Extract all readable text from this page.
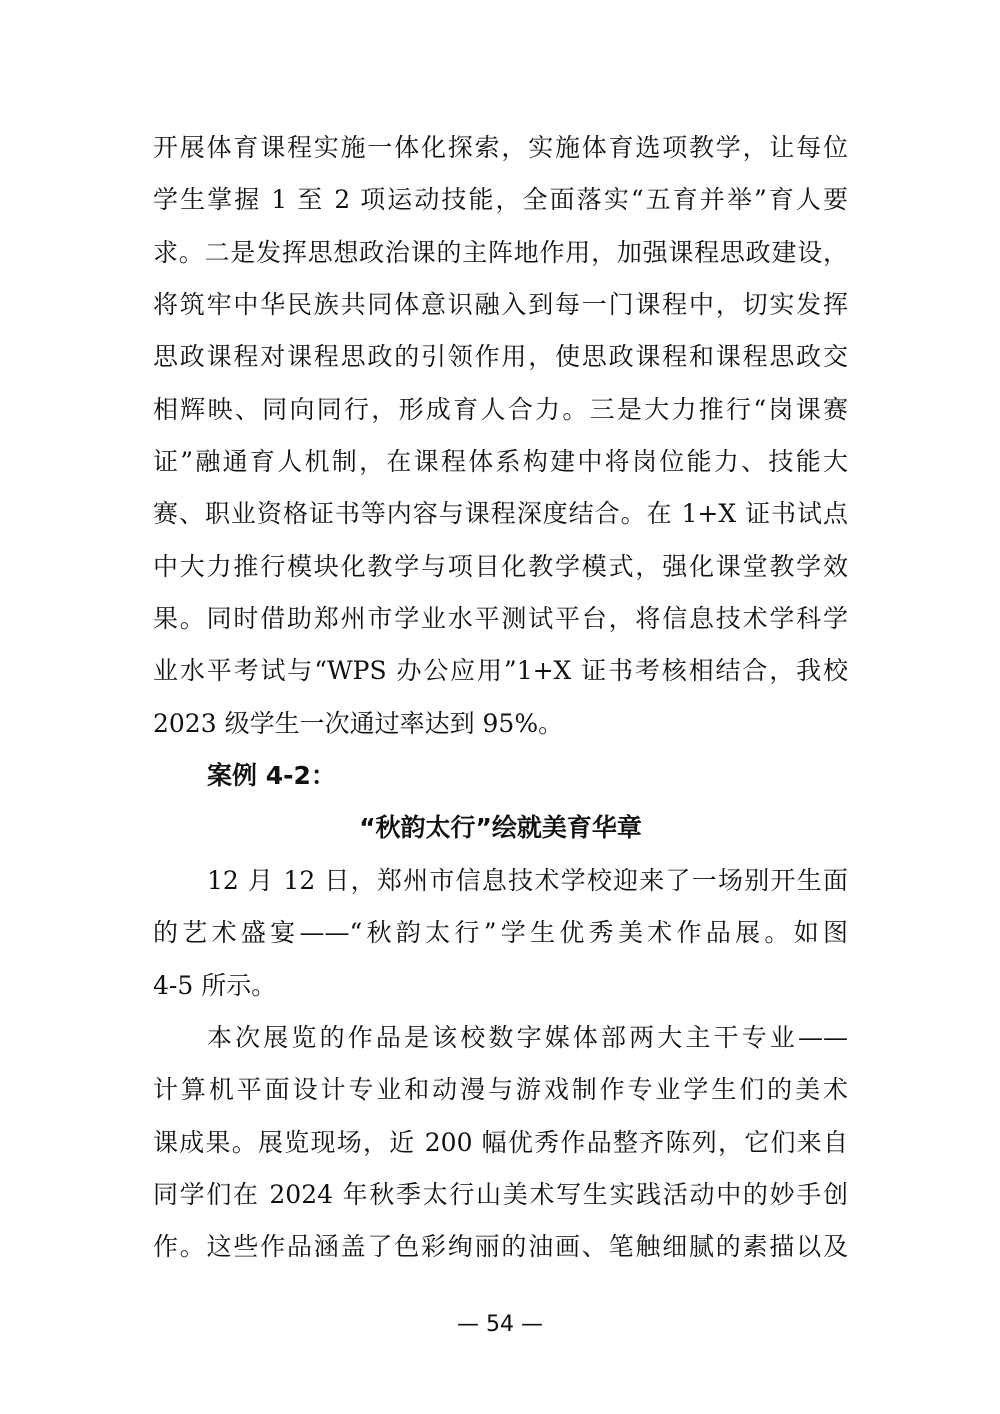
开展体育课程实施一体化探索，实施体育选项教学，让每位
学生掌握 1 至 2 项运动技能，全面落实“五育并举”育人要
求。二是发挥思想政治课的主阵地作用，加强课程思政建设，
将筑牢中华民族共同体意识融入到每一门课程中，切实发挥
思政课程对课程思政的引领作用，使思政课程和课程思政交
相辉映、同向同行，形成育人合力。三是大力推行“岗课赛
证”融通育人机制，在课程体系构建中将岗位能力、技能大
赛、职业资格证书等内容与课程深度结合。在 1+X 证书试点
中大力推行模块化教学与项目化教学模式，强化课堂教学效
果。同时借助郑州市学业水平测试平台，将信息技术学科学
业水平考试与“WPS 办公应用”1+X 证书考核相结合，我校
2023 级学生一次通过率达到 95%。
案例 4-2：
“秋韵太行”绘就美育华章
12 月 12 日，郑州市信息技术学校迎来了一场别开生面
的艺术盛宴——“秋韵太行”学生优秀美术作品展。如图
4-5 所示。
本次展览的作品是该校数字媒体部两大主干专业——
计算机平面设计专业和动漫与游戏制作专业学生们的美术
课成果。展览现场，近 200 幅优秀作品整齐陈列，它们来自
同学们在 2024 年秋季太行山美术写生实践活动中的妙手创
作。这些作品涵盖了色彩绚丽的油画、笔触细腻的素描以及
— 54 —
